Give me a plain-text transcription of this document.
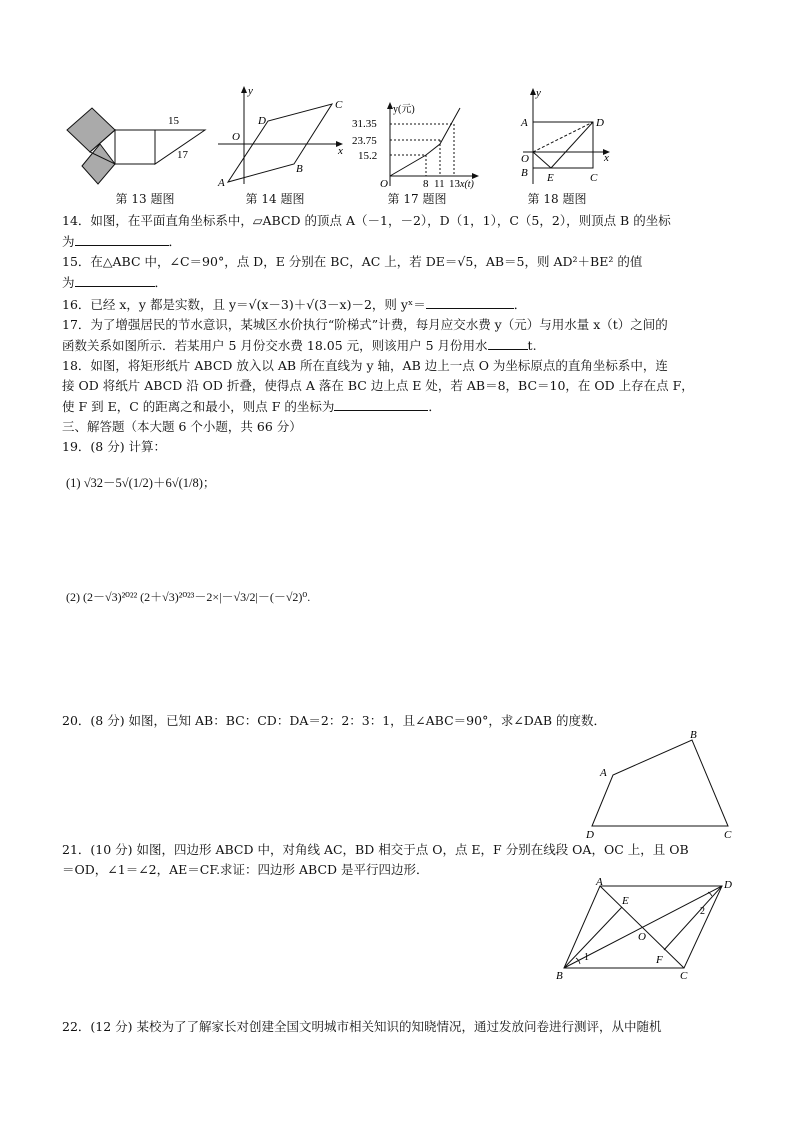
15
17
第 13 题图
y
x
O
A
D
C
B
第 14 题图
y(元)
31.35
23.75
15.2
O	8 11 13 x(t)
第 17 题图
y
x
A	D
O
B E	C
第 18 题图
14．如图，在平面直角坐标系中，▱ABCD 的顶点 A（－1，－2），D（1，1），C（5，2），则顶点 B 的坐标
为	．
15．在△ABC 中，∠C＝90°，点 D，E 分别在 BC，AC 上，若 DE＝√5，AB＝5，则 AD²＋BE² 的值
为	．
16．已经 x，y 都是实数，且 y＝√(x－3)＋√(3－x)－2，则 yˣ＝	．
17．为了增强居民的节水意识，某城区水价执行“阶梯式”计费，每月应交水费 y（元）与用水量 x（t）之间的
函数关系如图所示．若某用户 5 月份交水费 18.05 元，则该用户 5 月份用水	t.
18．如图，将矩形纸片 ABCD 放入以 AB 所在直线为 y 轴，AB 边上一点 O 为坐标原点的直角坐标系中，连
接 OD 将纸片 ABCD 沿 OD 折叠，使得点 A 落在 BC 边上点 E 处，若 AB＝8，BC＝10，在 OD 上存在点 F，
使 F 到 E，C 的距离之和最小，则点 F 的坐标为	．
三、解答题（本大题 6 个小题，共 66 分）
19．(8 分) 计算：
(1) √32－5√(1/2)＋6√(1/8)；
(2) (2－√3)²⁰²² (2＋√3)²⁰²³－2×|－√3/2|－(－√2)⁰.
20．(8 分) 如图，已知 AB：BC：CD：DA＝2：2：3：1，且∠ABC＝90°，求∠DAB 的度数．
A
B
D	C
21．(10 分) 如图，四边形 ABCD 中，对角线 AC，BD 相交于点 O，点 E，F 分别在线段 OA，OC 上，且 OB
＝OD，∠1＝∠2，AE＝CF.求证：四边形 ABCD 是平行四边形．
A	D
E
O
F
B	C
1
2
22．(12 分) 某校为了了解家长对创建全国文明城市相关知识的知晓情况，通过发放问卷进行测评，从中随机
